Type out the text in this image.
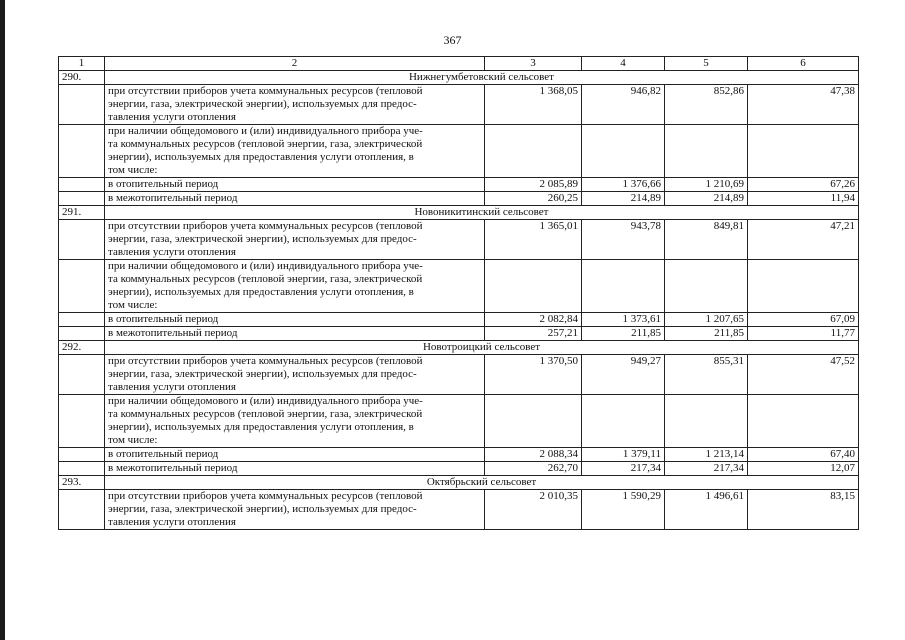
367
1	2	3	4	5	6
290.	Нижнегумбетовский сельсовет				

	при отсутствии приборов учета коммунальных ресурсов (тепловой
энергии, газа, электрической энергии), используемых для предос-
тавления услуги отопления	1 368,05	946,82	852,86	47,38

	при наличии общедомового и (или) индивидуального прибора уче-
та коммунальных ресурсов (тепловой энергии, газа, электрической
энергии), используемых для предоставления услуги отопления, в
том числе:				

	в отопительный период	2 085,89	1 376,66	1 210,69	67,26

	в межотопительный период	260,25	214,89	214,89	11,94
291.	Новоникитинский сельсовет				

	при отсутствии приборов учета коммунальных ресурсов (тепловой
энергии, газа, электрической энергии), используемых для предос-
тавления услуги отопления	1 365,01	943,78	849,81	47,21

	при наличии общедомового и (или) индивидуального прибора уче-
та коммунальных ресурсов (тепловой энергии, газа, электрической
энергии), используемых для предоставления услуги отопления, в
том числе:				

	в отопительный период	2 082,84	1 373,61	1 207,65	67,09

	в межотопительный период	257,21	211,85	211,85	11,77
292.	Новотроицкий сельсовет				

	при отсутствии приборов учета коммунальных ресурсов (тепловой
энергии, газа, электрической энергии), используемых для предос-
тавления услуги отопления	1 370,50	949,27	855,31	47,52

	при наличии общедомового и (или) индивидуального прибора уче-
та коммунальных ресурсов (тепловой энергии, газа, электрической
энергии), используемых для предоставления услуги отопления, в
том числе:				

	в отопительный период	2 088,34	1 379,11	1 213,14	67,40

	в межотопительный период	262,70	217,34	217,34	12,07
293.	Октябрьский сельсовет				

	при отсутствии приборов учета коммунальных ресурсов (тепловой
энергии, газа, электрической энергии), используемых для предос-
тавления услуги отопления	2 010,35	1 590,29	1 496,61	83,15
